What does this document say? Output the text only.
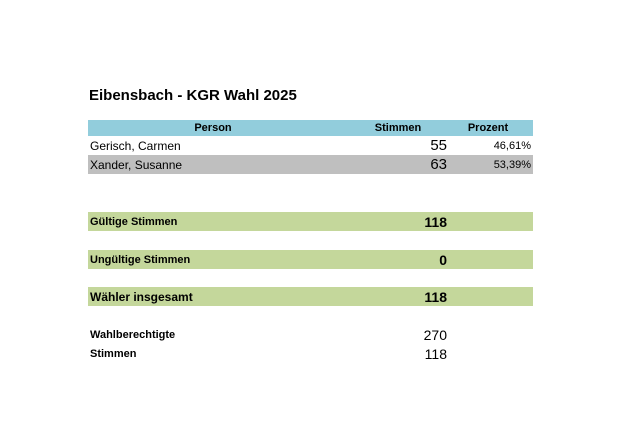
Eibensbach - KGR Wahl 2025
Person	Stimmen	Prozent
Gerisch, Carmen	55	46,61%
Xander, Susanne	63	53,39%
Gültige Stimmen	118
Ungültige Stimmen	0
Wähler insgesamt	118
Wahlberechtigte	270
Stimmen	118
